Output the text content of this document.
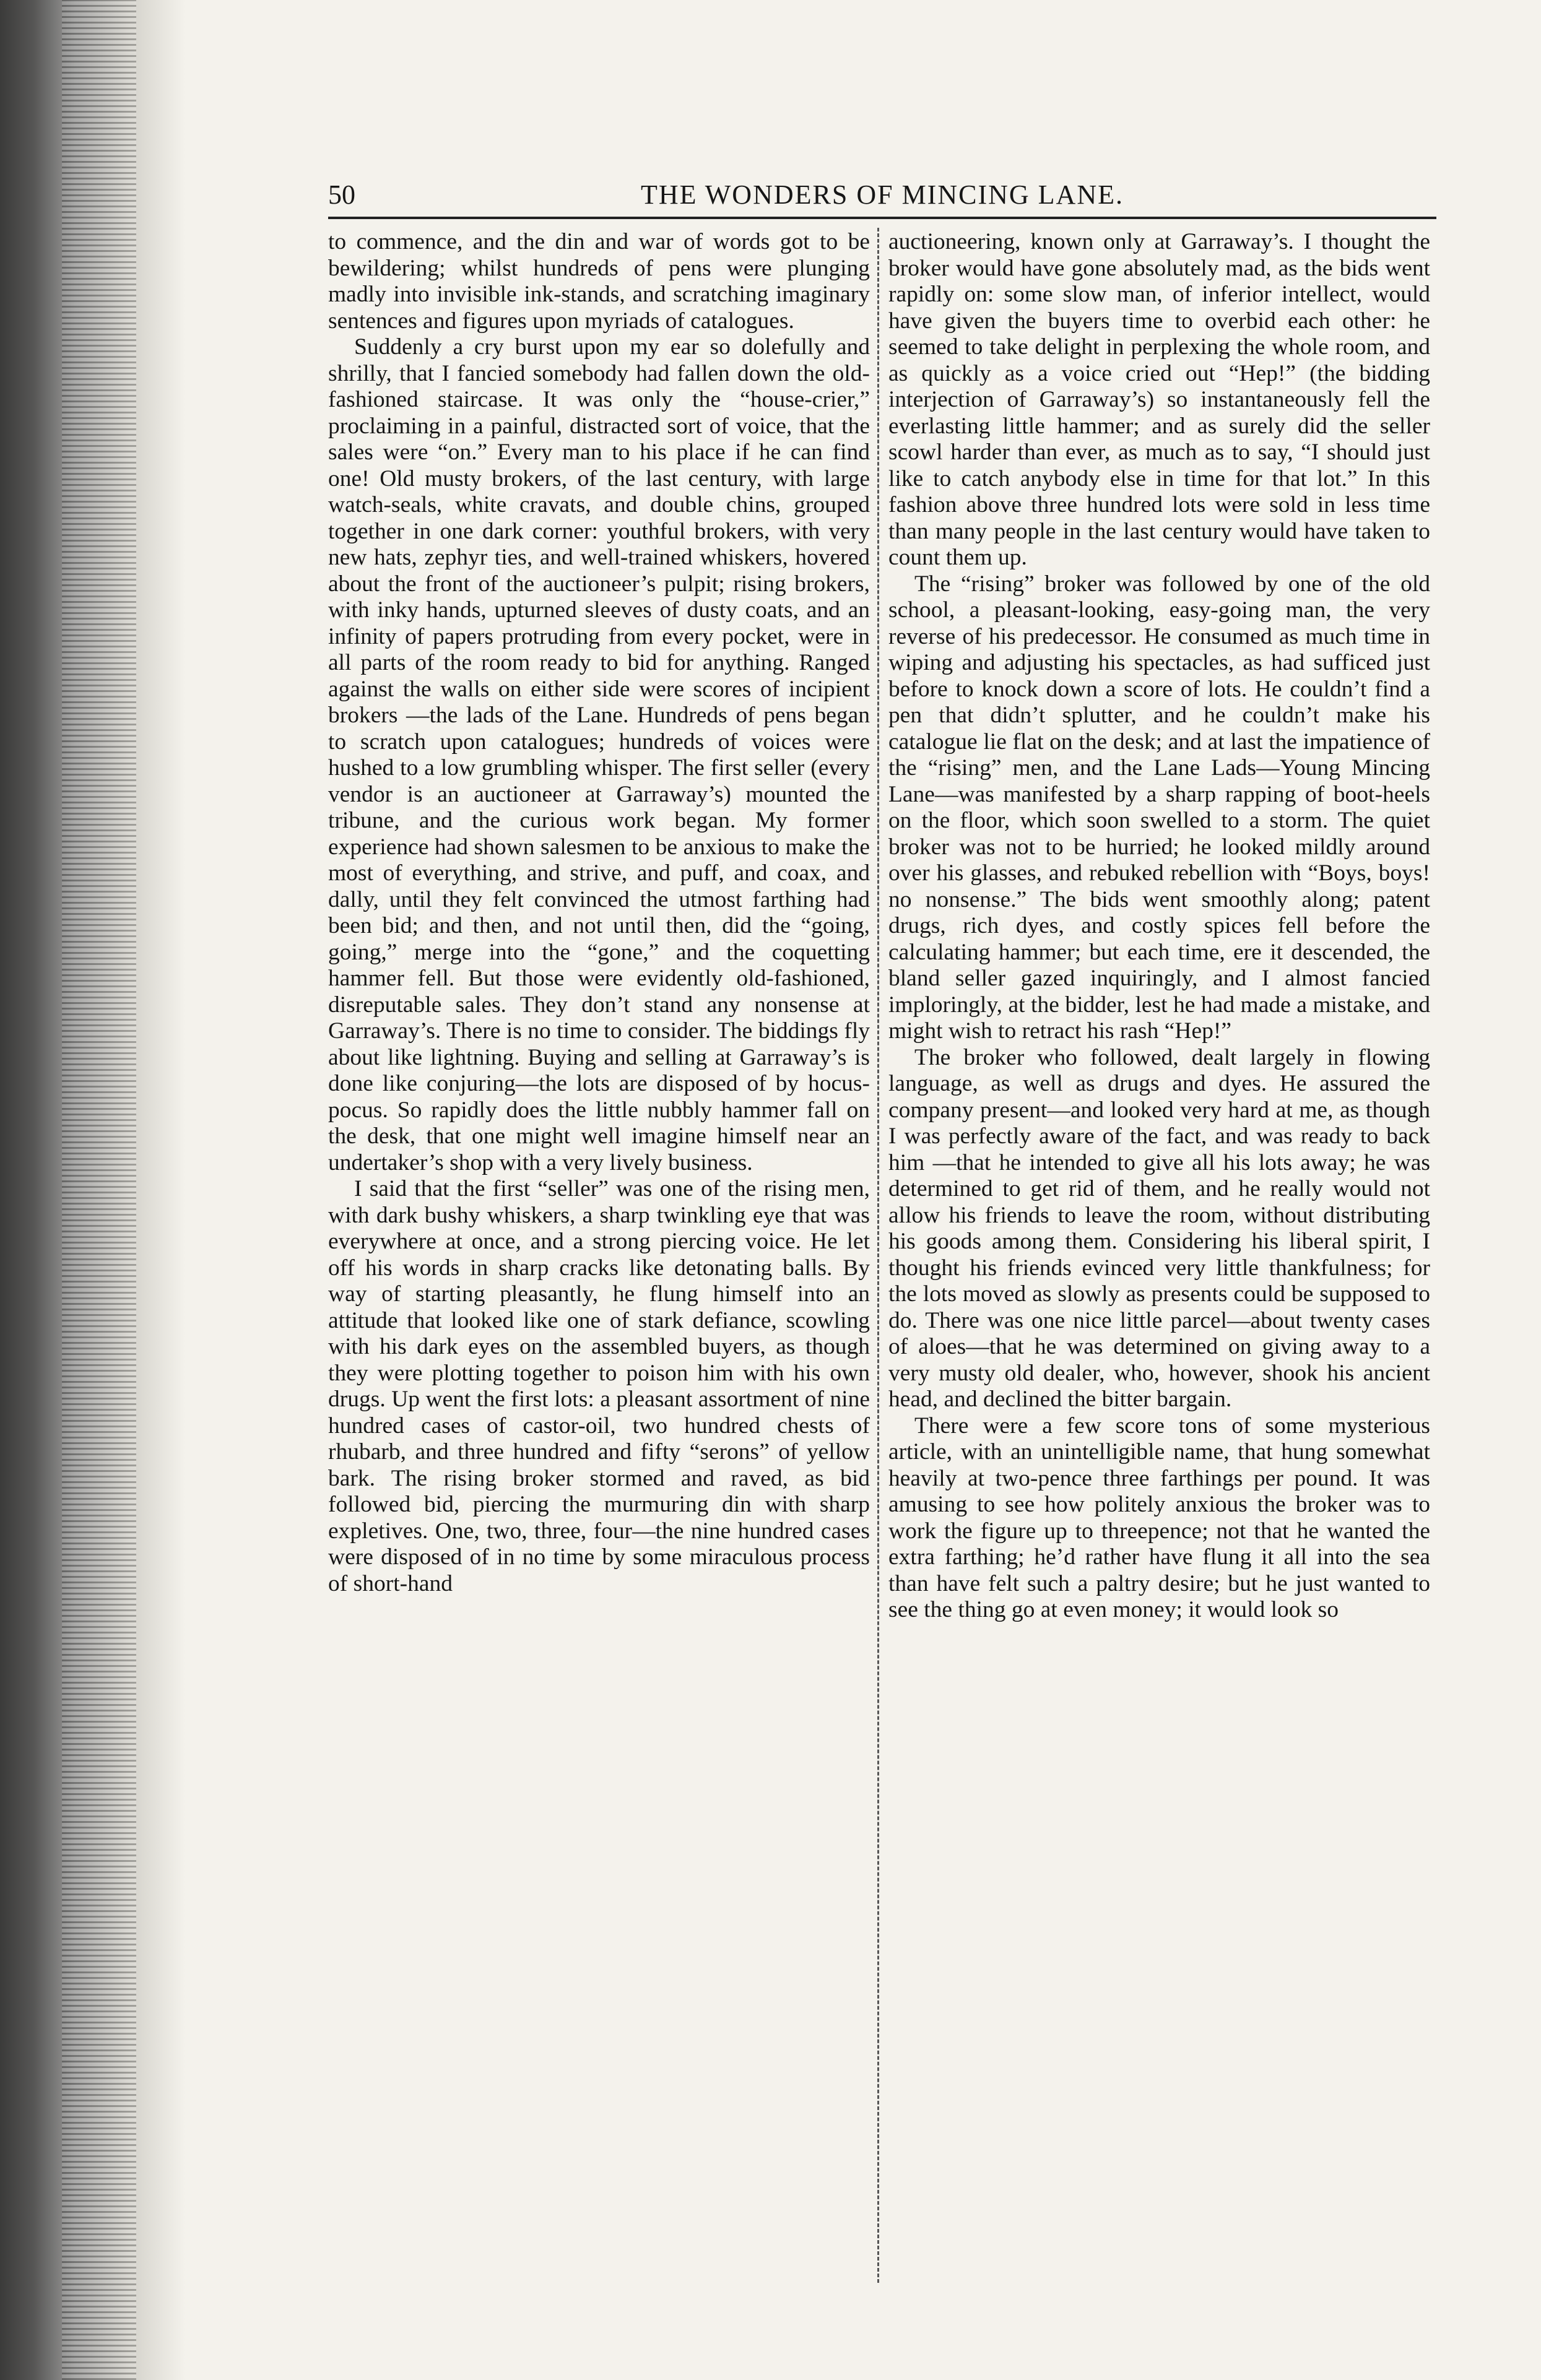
50	THE WONDERS OF MINCING LANE.

to commence, and the din and war of words got to be bewildering; whilst hundreds of pens were plunging madly into invisible ink-stands, and scratching imaginary sentences and figures upon myriads of catalogues.

Suddenly a cry burst upon my ear so dolefully and shrilly, that I fancied somebody had fallen down the old-fashioned staircase. It was only the “house-crier,” proclaiming in a painful, distracted sort of voice, that the sales were “on.” Every man to his place if he can find one! Old musty brokers, of the last century, with large watch-seals, white cravats, and double chins, grouped together in one dark corner: youthful brokers, with very new hats, zephyr ties, and well-trained whiskers, hovered about the front of the auctioneer’s pulpit; rising brokers, with inky hands, upturned sleeves of dusty coats, and an infinity of papers protruding from every pocket, were in all parts of the room ready to bid for anything. Ranged against the walls on either side were scores of incipient brokers —the lads of the Lane. Hundreds of pens began to scratch upon catalogues; hundreds of voices were hushed to a low grumbling whisper. The first seller (every vendor is an auctioneer at Garraway’s) mounted the tribune, and the curious work began. My former experience had shown salesmen to be anxious to make the most of everything, and strive, and puff, and coax, and dally, until they felt convinced the utmost farthing had been bid; and then, and not until then, did the “going, going,” merge into the “gone,” and the coquetting hammer fell. But those were evidently old-fashioned, disreputable sales. They don’t stand any nonsense at Garraway’s. There is no time to consider. The biddings fly about like lightning. Buying and selling at Garraway’s is done like conjuring—the lots are disposed of by hocus-pocus. So rapidly does the little nubbly hammer fall on the desk, that one might well imagine himself near an undertaker’s shop with a very lively business.

I said that the first “seller” was one of the rising men, with dark bushy whiskers, a sharp twinkling eye that was everywhere at once, and a strong piercing voice. He let off his words in sharp cracks like detonating balls. By way of starting pleasantly, he flung himself into an attitude that looked like one of stark defiance, scowling with his dark eyes on the assembled buyers, as though they were plotting together to poison him with his own drugs. Up went the first lots: a pleasant assortment of nine hundred cases of castor-oil, two hundred chests of rhubarb, and three hundred and fifty “serons” of yellow bark. The rising broker stormed and raved, as bid followed bid, piercing the murmuring din with sharp expletives. One, two, three, four—the nine hundred cases were disposed of in no time by some miraculous process of short-hand

auctioneering, known only at Garraway’s. I thought the broker would have gone absolutely mad, as the bids went rapidly on: some slow man, of inferior intellect, would have given the buyers time to overbid each other: he seemed to take delight in perplexing the whole room, and as quickly as a voice cried out “Hep!” (the bidding interjection of Garraway’s) so instantaneously fell the everlasting little hammer; and as surely did the seller scowl harder than ever, as much as to say, “I should just like to catch anybody else in time for that lot.” In this fashion above three hundred lots were sold in less time than many people in the last century would have taken to count them up.

The “rising” broker was followed by one of the old school, a pleasant-looking, easy-going man, the very reverse of his predecessor. He consumed as much time in wiping and adjusting his spectacles, as had sufficed just before to knock down a score of lots. He couldn’t find a pen that didn’t splutter, and he couldn’t make his catalogue lie flat on the desk; and at last the impatience of the “rising” men, and the Lane Lads—Young Mincing Lane—was manifested by a sharp rapping of boot-heels on the floor, which soon swelled to a storm. The quiet broker was not to be hurried; he looked mildly around over his glasses, and rebuked rebellion with “Boys, boys! no nonsense.” The bids went smoothly along; patent drugs, rich dyes, and costly spices fell before the calculating hammer; but each time, ere it descended, the bland seller gazed inquiringly, and I almost fancied imploringly, at the bidder, lest he had made a mistake, and might wish to retract his rash “Hep!”

The broker who followed, dealt largely in flowing language, as well as drugs and dyes. He assured the company present—and looked very hard at me, as though I was perfectly aware of the fact, and was ready to back him —that he intended to give all his lots away; he was determined to get rid of them, and he really would not allow his friends to leave the room, without distributing his goods among them. Considering his liberal spirit, I thought his friends evinced very little thankfulness; for the lots moved as slowly as presents could be supposed to do. There was one nice little parcel—about twenty cases of aloes—that he was determined on giving away to a very musty old dealer, who, however, shook his ancient head, and declined the bitter bargain.

There were a few score tons of some mysterious article, with an unintelligible name, that hung somewhat heavily at two-pence three farthings per pound. It was amusing to see how politely anxious the broker was to work the figure up to threepence; not that he wanted the extra farthing; he’d rather have flung it all into the sea than have felt such a paltry desire; but he just wanted to see the thing go at even money; it would look so
